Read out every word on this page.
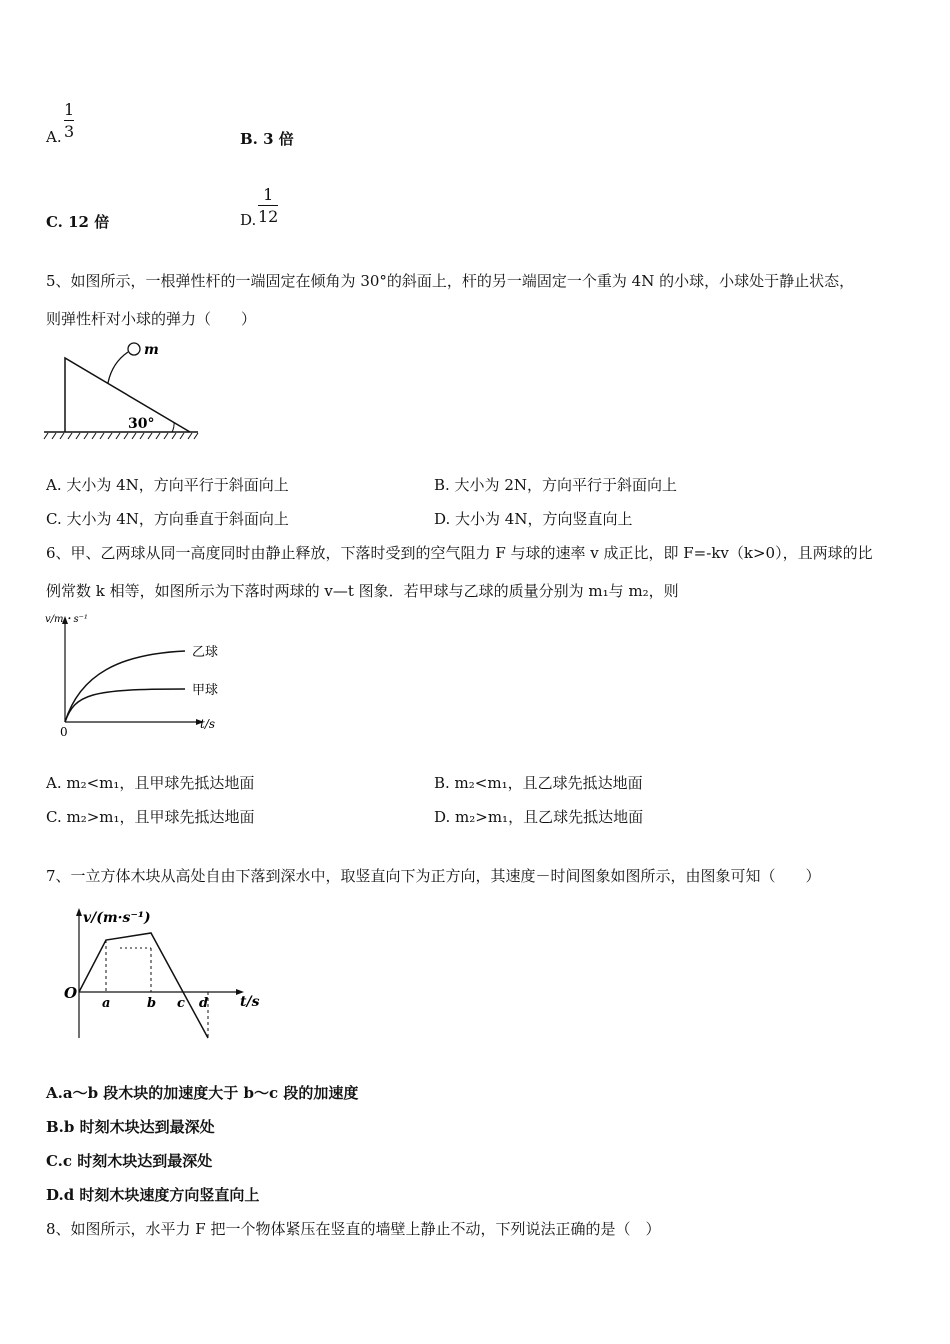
A.
1
3	B. 3 倍
C. 12 倍	D.
1
12
5、如图所示，一根弹性杆的一端固定在倾角为 30°的斜面上，杆的另一端固定一个重为 4N 的小球，小球处于静止状态，
则弹性杆对小球的弹力（　　）
m
30°
A. 大小为 4N，方向平行于斜面向上	B. 大小为 2N，方向平行于斜面向上
C. 大小为 4N，方向垂直于斜面向上	D. 大小为 4N，方向竖直向上
6、甲、乙两球从同一高度同时由静止释放，下落时受到的空气阻力 F 与球的速率 v 成正比，即 F=-kv（k>0），且两球的比
例常数 k 相等，如图所示为下落时两球的 v—t 图象．若甲球与乙球的质量分别为 m₁与 m₂，则
v/m・s⁻¹
t/s
0
乙球
甲球
A. m₂<m₁，且甲球先抵达地面	B. m₂<m₁，且乙球先抵达地面
C. m₂>m₁，且甲球先抵达地面	D. m₂>m₁，且乙球先抵达地面
7、一立方体木块从高处自由下落到深水中，取竖直向下为正方向，其速度－时间图象如图所示，由图象可知（　　）
v/(m·s⁻¹)
t/s
O
a	b c d
A.a～b 段木块的加速度大于 b～c 段的加速度
B.b 时刻木块达到最深处
C.c 时刻木块达到最深处
D.d 时刻木块速度方向竖直向上
8、如图所示，水平力 F 把一个物体紧压在竖直的墙壁上静止不动，下列说法正确的是（　）
